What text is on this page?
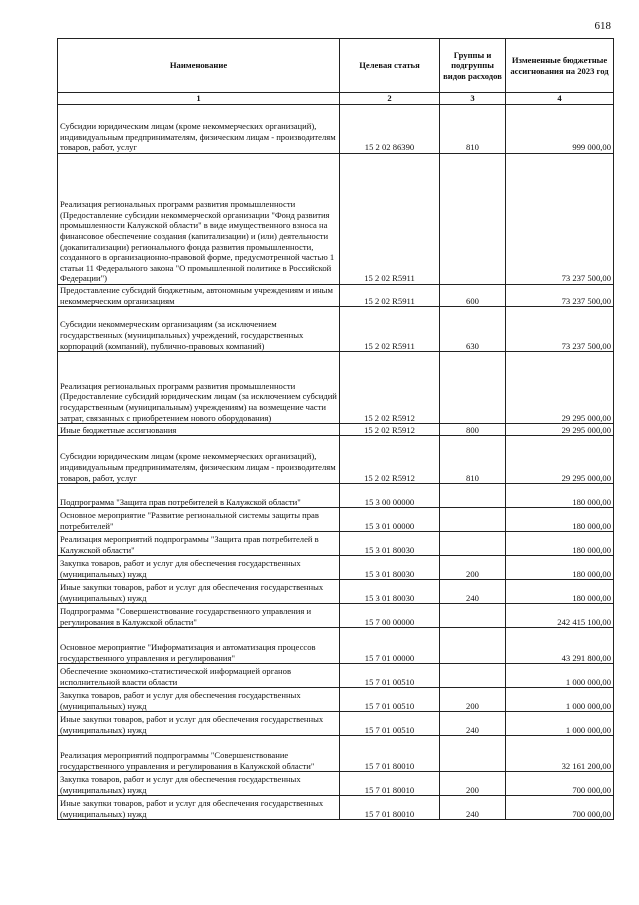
618
Наименование	Целевая статья	Группы и подгруппы видов расходов	Измененные бюджетные ассигнования на 2023 год
1	2	3	4
Субсидии юридическим лицам (кроме некоммерческих организаций), индивидуальным предпринимателям, физическим лицам - производителям товаров, работ, услуг	15 2 02 86390	810	999 000,00
Реализация региональных программ развития промышленности (Предоставление субсидии некоммерческой организации "Фонд развития промышленности Калужской области" в виде имущественного взноса на финансовое обеспечение создания (капитализации) и (или) деятельности (докапитализации) регионального фонда развития промышленности, созданного в организационно-правовой форме, предусмотренной частью 1 статьи 11 Федерального закона "О промышленной политике в Российской Федерации")	15 2 02 R5911		73 237 500,00
Предоставление субсидий бюджетным, автономным учреждениям и иным некоммерческим организациям	15 2 02 R5911	600	73 237 500,00
Субсидии некоммерческим организациям (за исключением государственных (муниципальных) учреждений, государственных корпораций (компаний), публично-правовых компаний)	15 2 02 R5911	630	73 237 500,00
Реализация региональных программ развития промышленности (Предоставление субсидий юридическим лицам (за исключением субсидий государственным (муниципальным) учреждениям) на возмещение части затрат, связанных с приобретением нового оборудования)	15 2 02 R5912		29 295 000,00
Иные бюджетные ассигнования	15 2 02 R5912	800	29 295 000,00
Субсидии юридическим лицам (кроме некоммерческих организаций), индивидуальным предпринимателям, физическим лицам - производителям товаров, работ, услуг	15 2 02 R5912	810	29 295 000,00
Подпрограмма "Защита прав потребителей в Калужской области"	15 3 00 00000		180 000,00
Основное мероприятие "Развитие региональной системы защиты прав потребителей"	15 3 01 00000		180 000,00
Реализация мероприятий подпрограммы "Защита прав потребителей в Калужской области"	15 3 01 80030		180 000,00
Закупка товаров, работ и услуг для обеспечения государственных (муниципальных) нужд	15 3 01 80030	200	180 000,00
Иные закупки товаров, работ и услуг для обеспечения государственных (муниципальных) нужд	15 3 01 80030	240	180 000,00
Подпрограмма "Совершенствование государственного управления и регулирования в Калужской области"	15 7 00 00000		242 415 100,00
Основное мероприятие "Информатизация и автоматизация процессов государственного управления и регулирования"	15 7 01 00000		43 291 800,00
Обеспечение экономико-статистической информацией органов исполнительной власти области	15 7 01 00510		1 000 000,00
Закупка товаров, работ и услуг для обеспечения государственных (муниципальных) нужд	15 7 01 00510	200	1 000 000,00
Иные закупки товаров, работ и услуг для обеспечения государственных (муниципальных) нужд	15 7 01 00510	240	1 000 000,00
Реализация мероприятий подпрограммы "Совершенствование государственного управления и регулирования в Калужской области"	15 7 01 80010		32 161 200,00
Закупка товаров, работ и услуг для обеспечения государственных (муниципальных) нужд	15 7 01 80010	200	700 000,00
Иные закупки товаров, работ и услуг для обеспечения государственных (муниципальных) нужд	15 7 01 80010	240	700 000,00
